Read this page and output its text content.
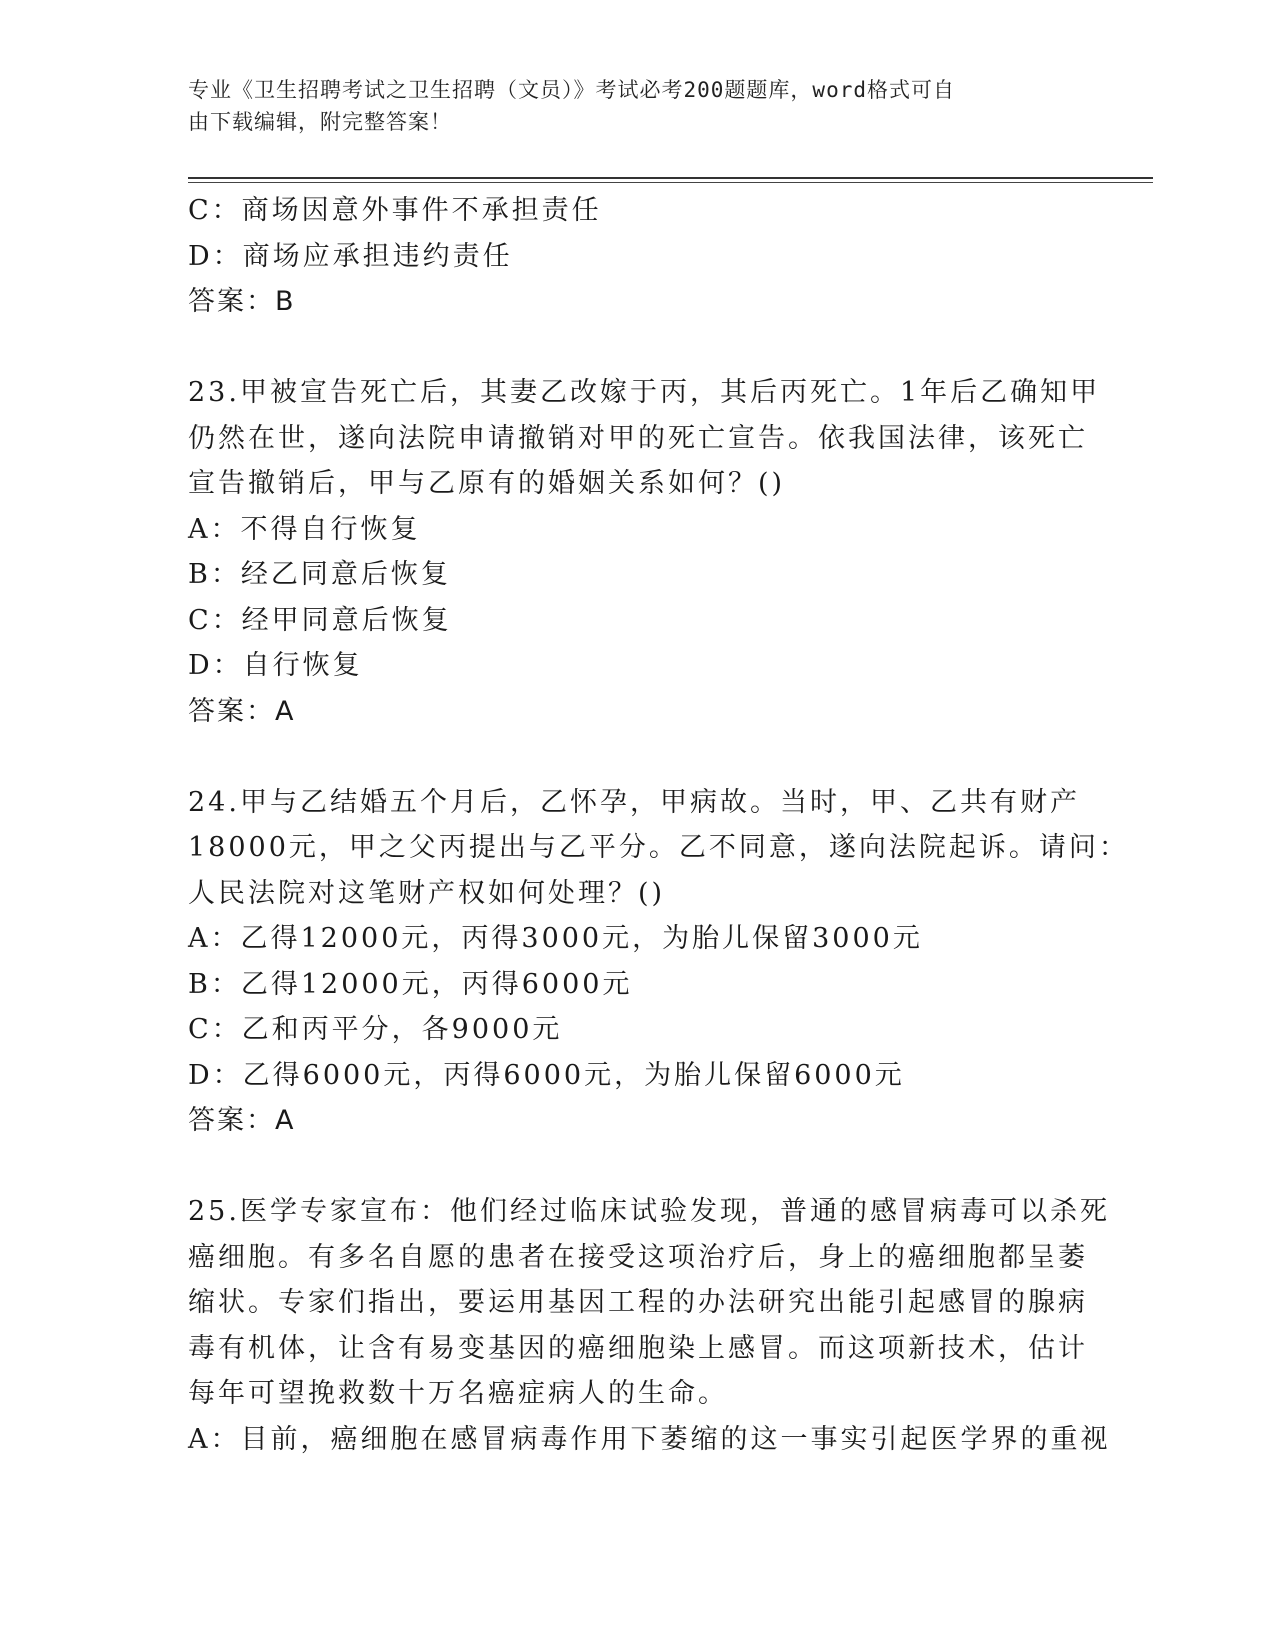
专业《卫生招聘考试之卫生招聘（文员）》考试必考200题题库，word格式可自
由下载编辑，附完整答案！
C：商场因意外事件不承担责任
D：商场应承担违约责任
答案：B
23.甲被宣告死亡后，其妻乙改嫁于丙，其后丙死亡。1年后乙确知甲
仍然在世，遂向法院申请撤销对甲的死亡宣告。依我国法律，该死亡
宣告撤销后，甲与乙原有的婚姻关系如何？()
A：不得自行恢复
B：经乙同意后恢复
C：经甲同意后恢复
D：自行恢复
答案：A
24.甲与乙结婚五个月后，乙怀孕，甲病故。当时，甲、乙共有财产
18000元，甲之父丙提出与乙平分。乙不同意，遂向法院起诉。请问：
人民法院对这笔财产权如何处理？()
A：乙得12000元，丙得3000元，为胎儿保留3000元
B：乙得12000元，丙得6000元
C：乙和丙平分，各9000元
D：乙得6000元，丙得6000元，为胎儿保留6000元
答案：A
25.医学专家宣布：他们经过临床试验发现，普通的感冒病毒可以杀死
癌细胞。有多名自愿的患者在接受这项治疗后，身上的癌细胞都呈萎
缩状。专家们指出，要运用基因工程的办法研究出能引起感冒的腺病
毒有机体，让含有易变基因的癌细胞染上感冒。而这项新技术，估计
每年可望挽救数十万名癌症病人的生命。
A：目前，癌细胞在感冒病毒作用下萎缩的这一事实引起医学界的重视
